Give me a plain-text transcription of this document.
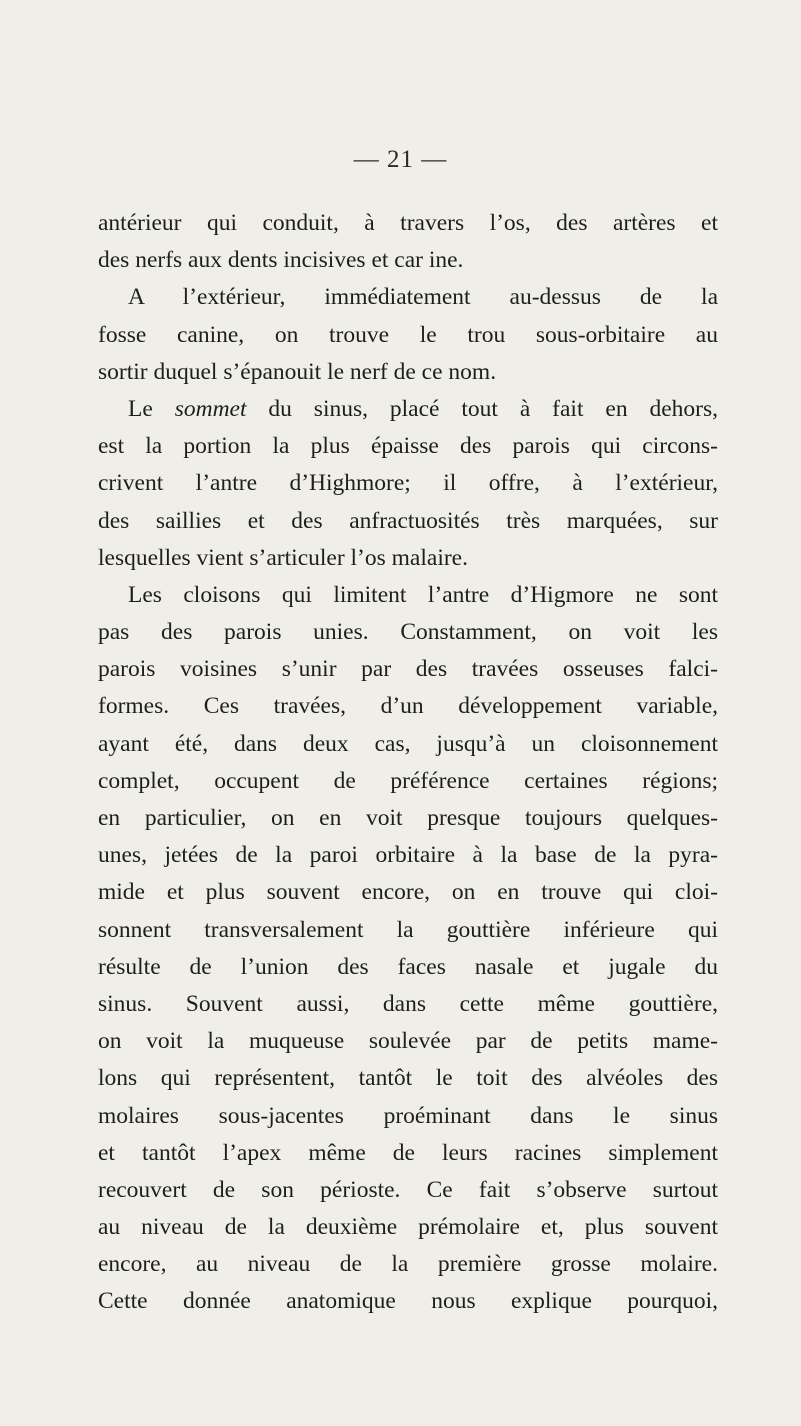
— 21 —
antérieur qui conduit, à travers l’os, des artères et
des nerfs aux dents incisives et car ine.
A l’extérieur, immédiatement au-dessus de la
fosse canine, on trouve le trou sous-orbitaire au
sortir duquel s’épanouit le nerf de ce nom.
Le sommet du sinus, placé tout à fait en dehors,
est la portion la plus épaisse des parois qui circons-
crivent l’antre d’Highmore; il offre, à l’extérieur,
des saillies et des anfractuosités très marquées, sur
lesquelles vient s’articuler l’os malaire.
Les cloisons qui limitent l’antre d’Higmore ne sont
pas des parois unies. Constamment, on voit les
parois voisines s’unir par des travées osseuses falci-
formes. Ces travées, d’un développement variable,
ayant été, dans deux cas, jusqu’à un cloisonnement
complet, occupent de préférence certaines régions;
en particulier, on en voit presque toujours quelques-
unes, jetées de la paroi orbitaire à la base de la pyra-
mide et plus souvent encore, on en trouve qui cloi-
sonnent transversalement la gouttière inférieure qui
résulte de l’union des faces nasale et jugale du
sinus. Souvent aussi, dans cette même gouttière,
on voit la muqueuse soulevée par de petits mame-
lons qui représentent, tantôt le toit des alvéoles des
molaires sous-jacentes proéminant dans le sinus
et tantôt l’apex même de leurs racines simplement
recouvert de son périoste. Ce fait s’observe surtout
au niveau de la deuxième prémolaire et, plus souvent
encore, au niveau de la première grosse molaire.
Cette donnée anatomique nous explique pourquoi,
